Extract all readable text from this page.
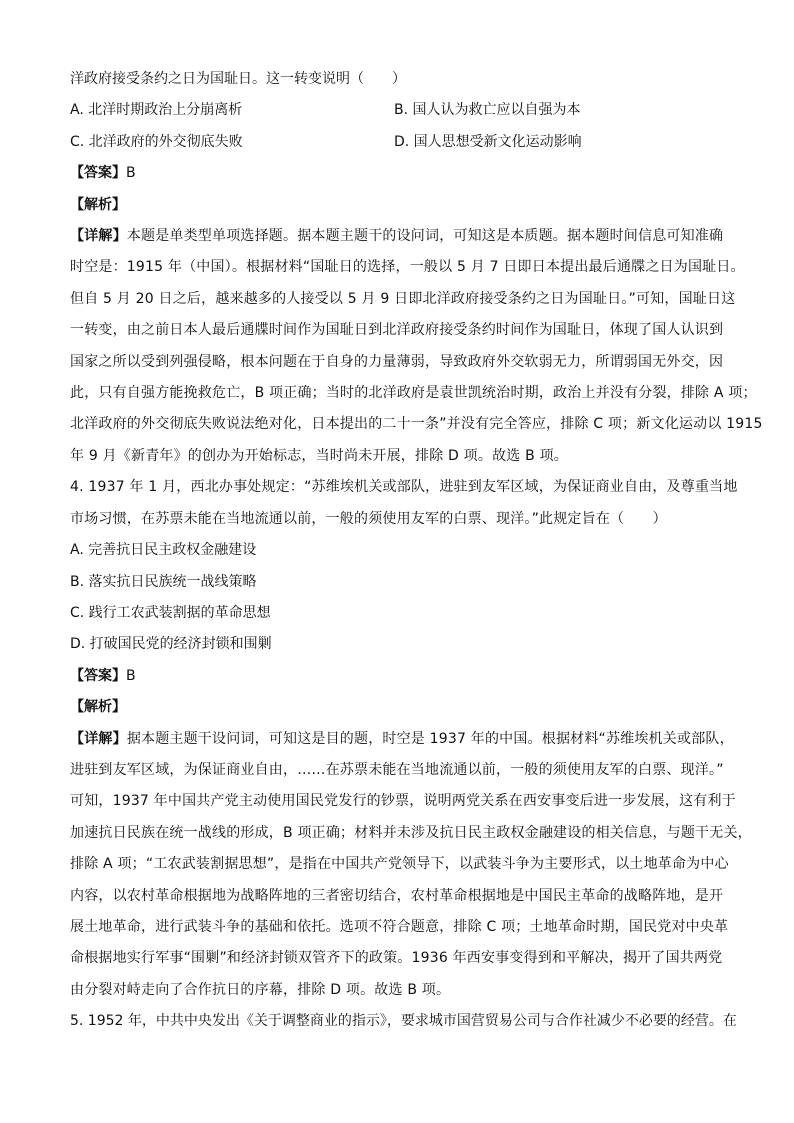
洋政府接受条约之日为国耻日。这一转变说明（　　）
A. 北洋时期政治上分崩离析	B. 国人认为救亡应以自强为本
C. 北洋政府的外交彻底失败	D. 国人思想受新文化运动影响
【答案】B
【解析】
【详解】本题是单类型单项选择题。据本题主题干的设问词，可知这是本质题。据本题时间信息可知准确
时空是：1915 年（中国）。根据材料“国耻日的选择，一般以 5 月 7 日即日本提出最后通牒之日为国耻日。
但自 5 月 20 日之后，越来越多的人接受以 5 月 9 日即北洋政府接受条约之日为国耻日。”可知，国耻日这
一转变，由之前日本人最后通牒时间作为国耻日到北洋政府接受条约时间作为国耻日，体现了国人认识到
国家之所以受到列强侵略，根本问题在于自身的力量薄弱，导致政府外交软弱无力，所谓弱国无外交，因
此，只有自强方能挽救危亡，B 项正确；当时的北洋政府是袁世凯统治时期，政治上并没有分裂，排除 A 项；
北洋政府的外交彻底失败说法绝对化，日本提出的二十一条”并没有完全答应，排除 C 项；新文化运动以 1915
年 9 月《新青年》的创办为开始标志，当时尚未开展，排除 D 项。故选 B 项。
4. 1937 年 1 月，西北办事处规定：“苏维埃机关或部队，进驻到友军区域，为保证商业自由，及尊重当地
市场习惯，在苏票未能在当地流通以前，一般的须使用友军的白票、现洋。”此规定旨在（　　）
A. 完善抗日民主政权金融建设
B. 落实抗日民族统一战线策略
C. 践行工农武装割据的革命思想
D. 打破国民党的经济封锁和围剿
【答案】B
【解析】
【详解】据本题主题干设问词，可知这是目的题，时空是 1937 年的中国。根据材料“苏维埃机关或部队，
进驻到友军区域，为保证商业自由，……在苏票未能在当地流通以前，一般的须使用友军的白票、现洋。”
可知，1937 年中国共产党主动使用国民党发行的钞票，说明两党关系在西安事变后进一步发展，这有利于
加速抗日民族在统一战线的形成，B 项正确；材料并未涉及抗日民主政权金融建设的相关信息，与题干无关，
排除 A 项；“工农武装割据思想”，是指在中国共产党领导下，以武装斗争为主要形式，以土地革命为中心
内容，以农村革命根据地为战略阵地的三者密切结合，农村革命根据地是中国民主革命的战略阵地，是开
展土地革命，进行武装斗争的基础和依托。选项不符合题意，排除 C 项；土地革命时期，国民党对中央革
命根据地实行军事“围剿”和经济封锁双管齐下的政策。1936 年西安事变得到和平解决，揭开了国共两党
由分裂对峙走向了合作抗日的序幕，排除 D 项。故选 B 项。
5. 1952 年，中共中央发出《关于调整商业的指示》，要求城市国营贸易公司与合作社减少不必要的经营。在
